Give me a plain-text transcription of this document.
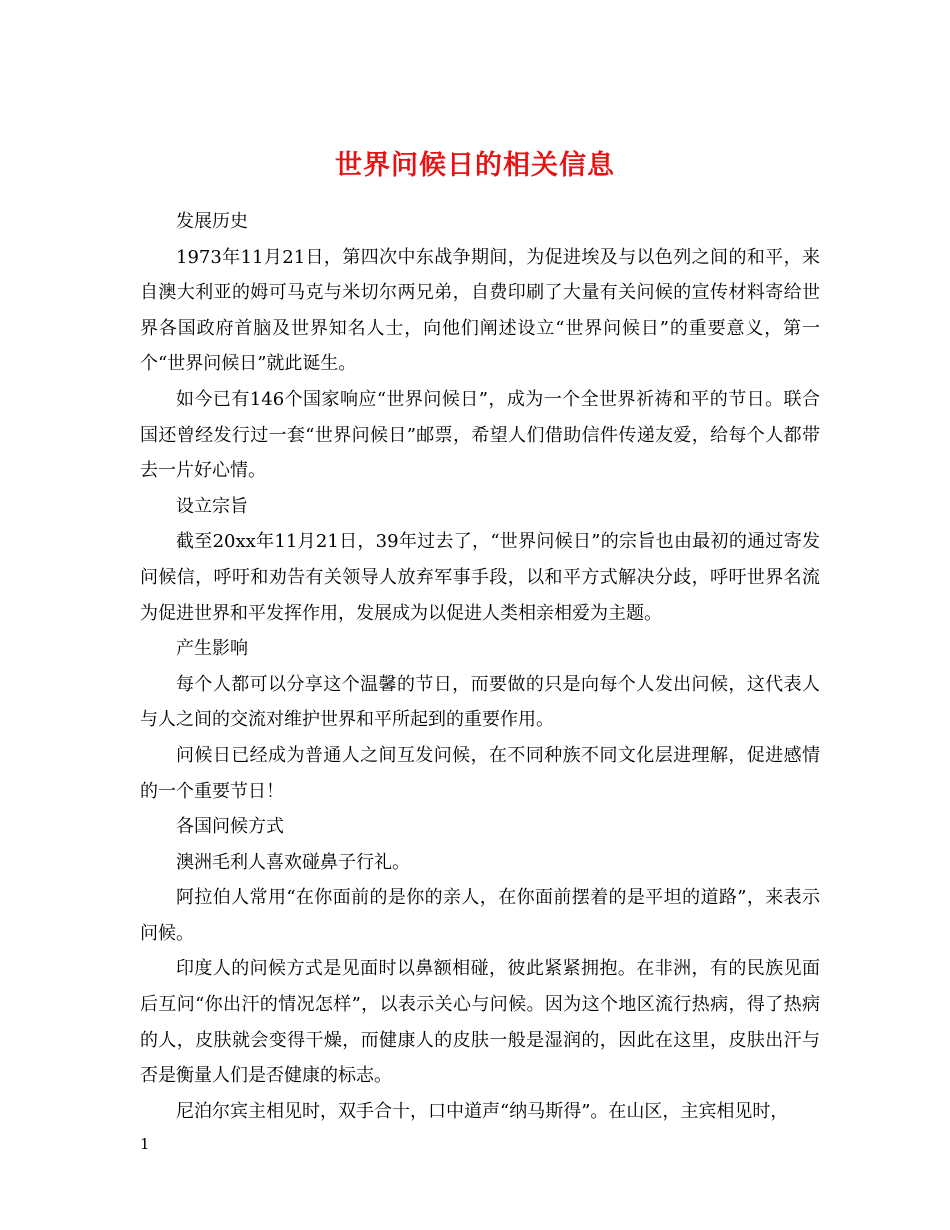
世界问候日的相关信息

发展历史

1973年11月21日，第四次中东战争期间，为促进埃及与以色列之间的和平，来自澳大利亚的姆可马克与米切尔两兄弟，自费印刷了大量有关问候的宣传材料寄给世界各国政府首脑及世界知名人士，向他们阐述设立“世界问候日”的重要意义，第一个“世界问候日”就此诞生。

如今已有146个国家响应“世界问候日”，成为一个全世界祈祷和平的节日。联合国还曾经发行过一套“世界问候日”邮票，希望人们借助信件传递友爱，给每个人都带去一片好心情。

设立宗旨

截至20xx年11月21日，39年过去了，“世界问候日”的宗旨也由最初的通过寄发问候信，呼吁和劝告有关领导人放弃军事手段，以和平方式解决分歧，呼吁世界名流为促进世界和平发挥作用，发展成为以促进人类相亲相爱为主题。

产生影响

每个人都可以分享这个温馨的节日，而要做的只是向每个人发出问候，这代表人与人之间的交流对维护世界和平所起到的重要作用。

问候日已经成为普通人之间互发问候，在不同种族不同文化层进理解，促进感情的一个重要节日！

各国问候方式

澳洲毛利人喜欢碰鼻子行礼。

阿拉伯人常用“在你面前的是你的亲人，在你面前摆着的是平坦的道路”，来表示问候。

印度人的问候方式是见面时以鼻额相碰，彼此紧紧拥抱。在非洲，有的民族见面后互问“你出汗的情况怎样”，以表示关心与问候。因为这个地区流行热病，得了热病的人，皮肤就会变得干燥，而健康人的皮肤一般是湿润的，因此在这里，皮肤出汗与否是衡量人们是否健康的标志。

尼泊尔宾主相见时，双手合十，口中道声“纳马斯得”。在山区，主宾相见时，

1
